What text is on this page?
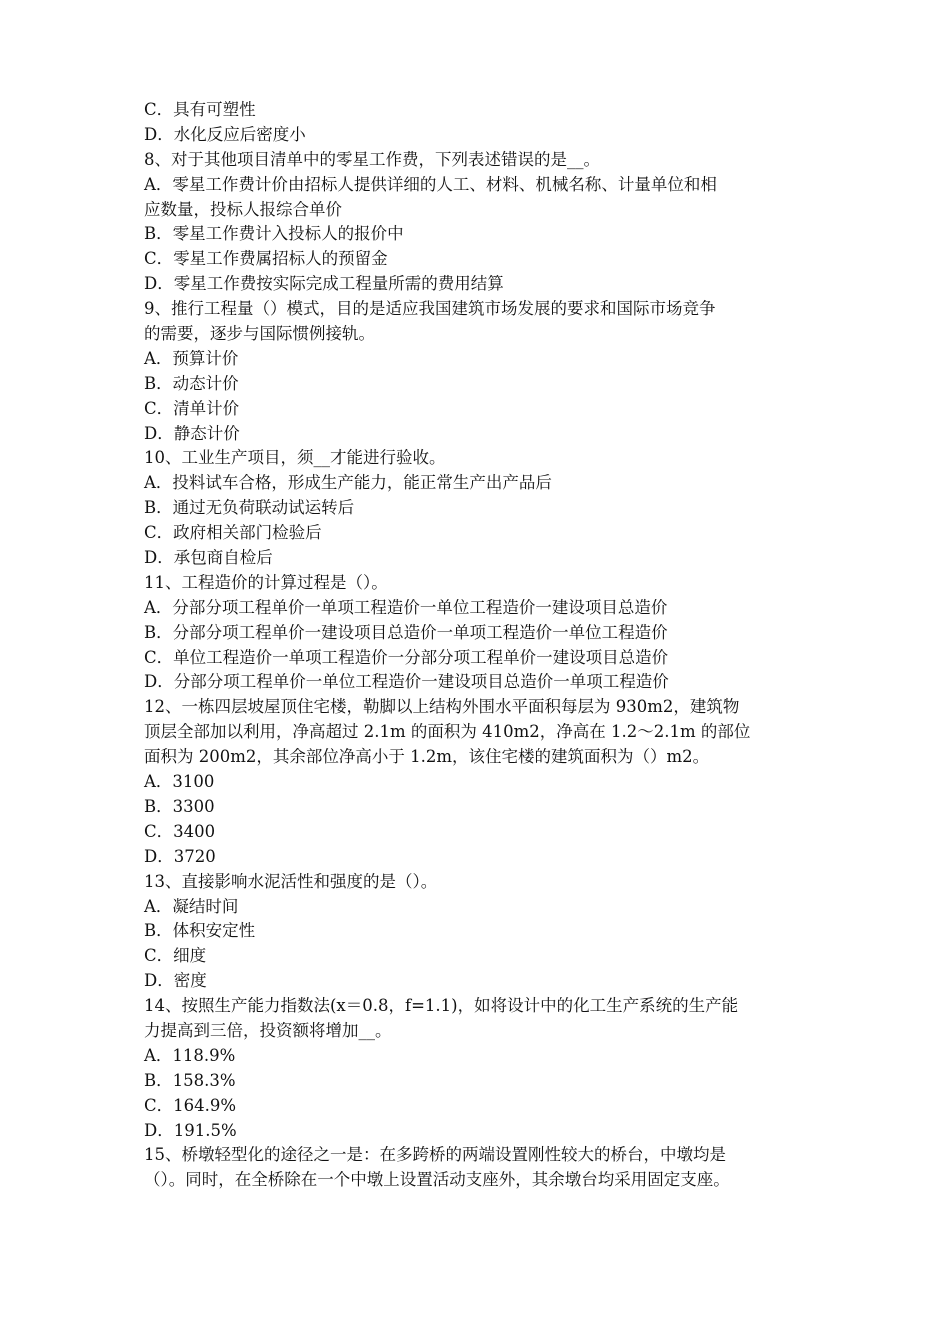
C．具有可塑性
D．水化反应后密度小
8、对于其他项目清单中的零星工作费，下列表述错误的是__。
A．零星工作费计价由招标人提供详细的人工、材料、机械名称、计量单位和相
应数量，投标人报综合单价
B．零星工作费计入投标人的报价中
C．零星工作费属招标人的预留金
D．零星工作费按实际完成工程量所需的费用结算
9、推行工程量（）模式，目的是适应我国建筑市场发展的要求和国际市场竞争
的需要，逐步与国际惯例接轨。
A．预算计价
B．动态计价
C．清单计价
D．静态计价
10、工业生产项目，须__才能进行验收。
A．投料试车合格，形成生产能力，能正常生产出产品后
B．通过无负荷联动试运转后
C．政府相关部门检验后
D．承包商自检后
11、工程造价的计算过程是（）。
A．分部分项工程单价一单项工程造价一单位工程造价一建设项目总造价
B．分部分项工程单价一建设项目总造价一单项工程造价一单位工程造价
C．单位工程造价一单项工程造价一分部分项工程单价一建设项目总造价
D．分部分项工程单价一单位工程造价一建设项目总造价一单项工程造价
12、一栋四层坡屋顶住宅楼，勒脚以上结构外围水平面积每层为 930m2，建筑物
顶层全部加以利用，净高超过 2.1m 的面积为 410m2，净高在 1.2～2.1m 的部位
面积为 200m2，其余部位净高小于 1.2m，该住宅楼的建筑面积为（）m2。
A．3100
B．3300
C．3400
D．3720
13、直接影响水泥活性和强度的是（）。
A．凝结时间
B．体积安定性
C．细度
D．密度
14、按照生产能力指数法(x＝0.8，f=1.1)，如将设计中的化工生产系统的生产能
力提高到三倍，投资额将增加__。
A．118.9%
B．158.3%
C．164.9%
D．191.5%
15、桥墩轻型化的途径之一是：在多跨桥的两端设置刚性较大的桥台，中墩均是
（）。同时，在全桥除在一个中墩上设置活动支座外，其余墩台均采用固定支座。
